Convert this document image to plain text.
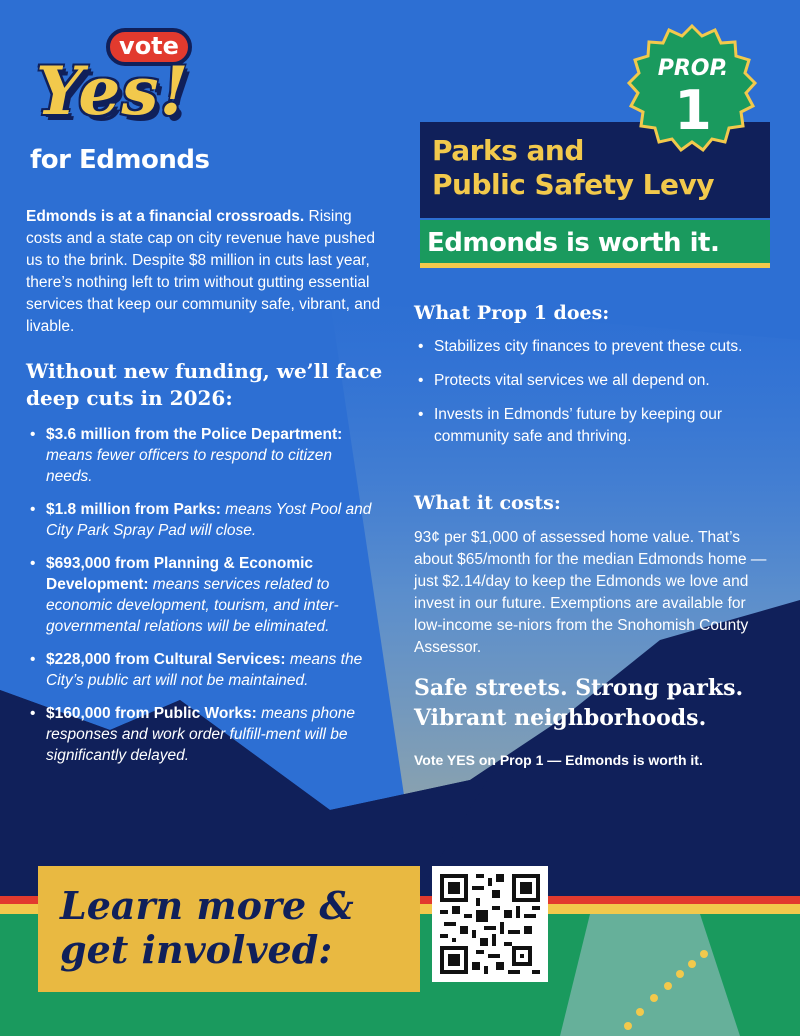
vote
Yes!
for Edmonds
Edmonds is at a financial crossroads. Rising costs and a state cap on city revenue have pushed us to the brink. Despite $8 million in cuts last year, there’s nothing left to trim without gutting essential services that keep our community safe, vibrant, and livable.
Without new funding, we’ll face deep cuts in 2026:
• $3.6 million from the Police Department: means fewer officers to respond to citizen needs.
• $1.8 million from Parks: means Yost Pool and City Park Spray Pad will close.
• $693,000 from Planning & Economic Development: means services related to economic development, tourism, and inter-governmental relations will be eliminated.
• $228,000 from Cultural Services: means the City’s public art will not be maintained.
• $160,000 from Public Works: means phone responses and work order fulfill-ment will be significantly delayed.
Parks and
Public Safety Levy
Edmonds is worth it.
PROP.
1
What Prop 1 does:
• Stabilizes city finances to prevent these cuts.
• Protects vital services we all depend on.
• Invests in Edmonds’ future by keeping our community safe and thriving.
What it costs:
93¢ per $1,000 of assessed home value. That’s about $65/month for the median Edmonds home — just $2.14/day to keep the Edmonds we love and invest in our future. Exemptions are available for low-income se-niors from the Snohomish County Assessor.
Safe streets. Strong parks.
Vibrant neighborhoods.
Vote YES on Prop 1 — Edmonds is worth it.
Learn more &
get involved:
